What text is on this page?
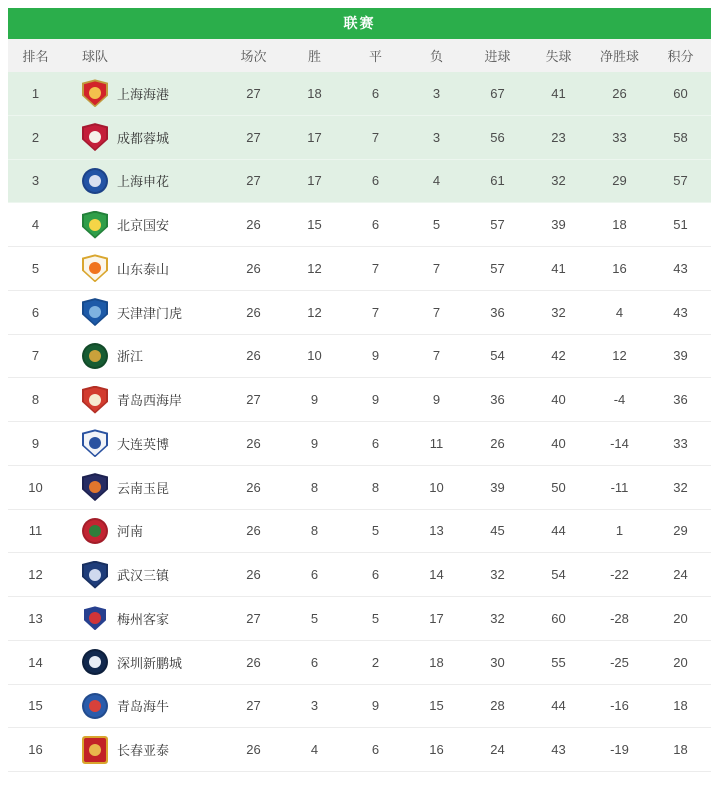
联赛
排名	球队	场次	胜	平	负	进球	失球	净胜球	积分
1	上海海港	27	18	6	3	67	41	26	60
2	成都蓉城	27	17	7	3	56	23	33	58
3	上海申花	27	17	6	4	61	32	29	57
4	北京国安	26	15	6	5	57	39	18	51
5	山东泰山	26	12	7	7	57	41	16	43
6	天津津门虎	26	12	7	7	36	32	4	43
7	浙江	26	10	9	7	54	42	12	39
8	青岛西海岸	27	9	9	9	36	40	-4	36
9	大连英博	26	9	6	11	26	40	-14	33
10	云南玉昆	26	8	8	10	39	50	-11	32
11	河南	26	8	5	13	45	44	1	29
12	武汉三镇	26	6	6	14	32	54	-22	24
13	梅州客家	27	5	5	17	32	60	-28	20
14	深圳新鹏城	26	6	2	18	30	55	-25	20
15	青岛海牛	27	3	9	15	28	44	-16	18
16	长春亚泰	26	4	6	16	24	43	-19	18
